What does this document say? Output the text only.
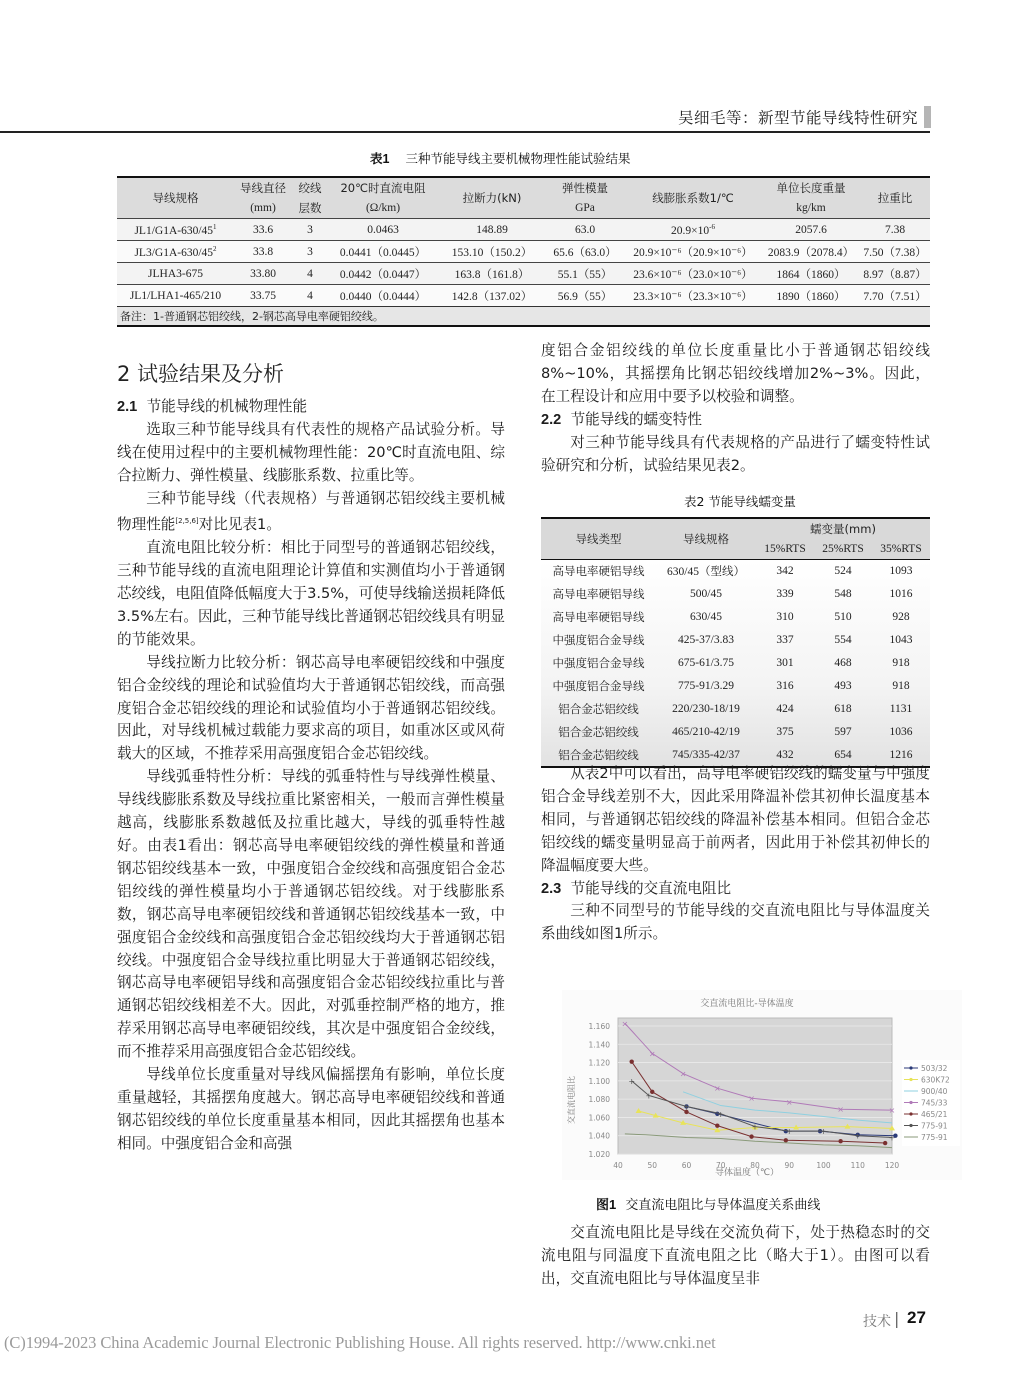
吴细毛等：新型节能导线特性研究
表1 三种节能导线主要机械物理性能试验结果
导线规格	导线直径	绞线	20℃时直流电阻	拉断力(kN)	弹性模量	线膨胀系数1/℃	单位长度重量	拉重比
	(mm)	层数	(Ω/km)		GPa		kg/km	
$JL1/G1A-630/45^1$	33.6	3	0.0463	148.89	63.0	$20.9\times 10^{-6}$	2057.6	7.38
$JL3/G1A-630/45^2$	33.8	3	0.0441（0.0445）	153.10（150.2）	65.6（63.0）	20.9×10⁻⁶（20.9×10⁻⁶）	2083.9（2078.4）	7.50（7.38）
JLHA3-675	33.80	4	0.0442（0.0447）	163.8（161.8）	55.1（55）	23.6×10⁻⁶（23.0×10⁻⁶）	1864（1860）	8.97（8.87）
JL1/LHA1-465/210	33.75	4	0.0440（0.0444）	142.8（137.02）	56.9（55）	23.3×10⁻⁶（23.3×10⁻⁶）	1890（1860）	7.70（7.51）
备注：1-普通钢芯铝绞线，2-钢芯高导电率硬铝绞线。								
2 试验结果及分析
2.1 节能导线的机械物理性能

选取三种节能导线具有代表性的规格产品试验分析。导线在使用过程中的主要机械物理性能：20℃时直流电阻、综合拉断力、弹性模量、线膨胀系数、拉重比等。

三种节能导线（代表规格）与普通钢芯铝绞线主要机械物理性能[2,5,6]对比见表1。

直流电阻比较分析：相比于同型号的普通钢芯铝绞线，三种节能导线的直流电阻理论计算值和实测值均小于普通钢芯绞线，电阻值降低幅度大于3.5%，可使导线输送损耗降低3.5%左右。因此，三种节能导线比普通钢芯铝绞线具有明显的节能效果。

导线拉断力比较分析：钢芯高导电率硬铝绞线和中强度铝合金绞线的理论和试验值均大于普通钢芯铝绞线，而高强度铝合金芯铝绞线的理论和试验值均小于普通钢芯铝绞线。因此，对导线机械过载能力要求高的项目，如重冰区或风荷载大的区域，不推荐采用高强度铝合金芯铝绞线。

导线弧垂特性分析：导线的弧垂特性与导线弹性模量、导线线膨胀系数及导线拉重比紧密相关，一般而言弹性模量越高，线膨胀系数越低及拉重比越大，导线的弧垂特性越好。由表1看出：钢芯高导电率硬铝绞线的弹性模量和普通钢芯铝绞线基本一致，中强度铝合金绞线和高强度铝合金芯铝绞线的弹性模量均小于普通钢芯铝绞线。对于线膨胀系数，钢芯高导电率硬铝绞线和普通钢芯铝绞线基本一致，中强度铝合金绞线和高强度铝合金芯铝绞线均大于普通钢芯铝绞线。中强度铝合金导线拉重比明显大于普通钢芯铝绞线，钢芯高导电率硬铝导线和高强度铝合金芯铝绞线拉重比与普通钢芯铝绞线相差不大。因此，对弧垂控制严格的地方，推荐采用钢芯高导电率硬铝绞线，其次是中强度铝合金绞线，而不推荐采用高强度铝合金芯铝绞线。

导线单位长度重量对导线风偏摇摆角有影响，单位长度重量越轻，其摇摆角度越大。钢芯高导电率硬铝绞线和普通钢芯铝绞线的单位长度重量基本相同，因此其摇摆角也基本相同。中强度铝合金和高强

度铝合金铝绞线的单位长度重量比小于普通钢芯铝绞线8%~10%，其摇摆角比钢芯铝绞线增加2%~3%。因此，在工程设计和应用中要予以校验和调整。

2.2 节能导线的蠕变特性

对三种节能导线具有代表规格的产品进行了蠕变特性试验研究和分析，试验结果见表2。

表2 节能导线蠕变量
导线类型	导线规格	蠕变量(mm)		
		15%RTS	25%RTS	35%RTS
高导电率硬铝导线	630/45（型线）	342	524	1093
高导电率硬铝导线	500/45	339	548	1016
高导电率硬铝导线	630/45	310	510	928
中强度铝合金导线	425-37/3.83	337	554	1043
中强度铝合金导线	675-61/3.75	301	468	918
中强度铝合金导线	775-91/3.29	316	493	918
铝合金芯铝绞线	220/230-18/19	424	618	1131
铝合金芯铝绞线	465/210-42/19	375	597	1036
铝合金芯铝绞线	745/335-42/37	432	654	1216

从表2中可以看出，高导电率硬铝绞线的蠕变量与中强度铝合金导线差别不大，因此采用降温补偿其初伸长温度基本相同，与普通钢芯铝绞线的降温补偿基本相同。但铝合金芯铝绞线的蠕变量明显高于前两者，因此用于补偿其初伸长的降温幅度要大些。

2.3 节能导线的交直流电阻比

三种不同型号的节能导线的交直流电阻比与导体温度关系曲线如图1所示。

交直流电阻比-导体温度
导体温度（℃）
交直流电阻比
1.020
1.040
1.060
1.080
1.100
1.120
1.140
1.160
40	50	60	70	80	90	100	110	120
×
×
×
×
×	×
×	×
+
+
+
+
+
+	+
+	+
503/32
630K72
900/40
745/33
465/21
775-91
775-91
图1 交直流电阻比与导体温度关系曲线

交直流电阻比是导线在交流负荷下，处于热稳态时的交流电阻与同温度下直流电阻之比（略大于1）。由图可以看出，交直流电阻比与导体温度呈非

技术 | 27
(C)1994-2023 China Academic Journal Electronic Publishing House. All rights reserved. http://www.cnki.net
